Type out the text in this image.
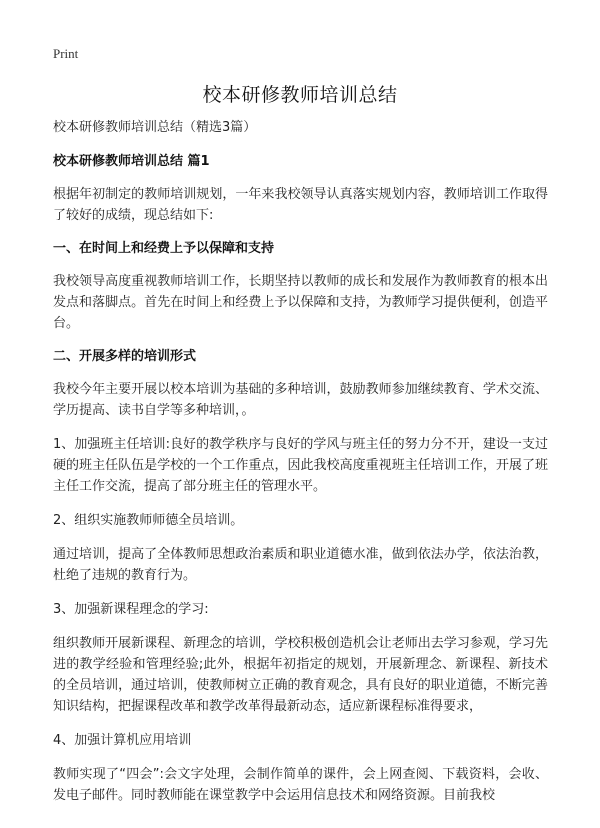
Print
校本研修教师培训总结

校本研修教师培训总结（精选3篇）

校本研修教师培训总结 篇1

根据年初制定的教师培训规划，一年来我校领导认真落实规划内容，教师培训工作取得了较好的成绩，现总结如下:

一、在时间上和经费上予以保障和支持

我校领导高度重视教师培训工作，长期坚持以教师的成长和发展作为教师教育的根本出发点和落脚点。首先在时间上和经费上予以保障和支持，为教师学习提供便利，创造平台。

二、开展多样的培训形式

我校今年主要开展以校本培训为基础的多种培训，鼓励教师参加继续教育、学术交流、学历提高、读书自学等多种培训，。

1、加强班主任培训:良好的教学秩序与良好的学风与班主任的努力分不开，建设一支过硬的班主任队伍是学校的一个工作重点，因此我校高度重视班主任培训工作，开展了班主任工作交流，提高了部分班主任的管理水平。

2、组织实施教师师德全员培训。

通过培训，提高了全体教师思想政治素质和职业道德水准，做到依法办学，依法治教，杜绝了违规的教育行为。

3、加强新课程理念的学习:

组织教师开展新课程、新理念的培训，学校积极创造机会让老师出去学习参观，学习先进的教学经验和管理经验;此外，根据年初指定的规划，开展新理念、新课程、新技术的全员培训，通过培训，使教师树立正确的教育观念，具有良好的职业道德，不断完善知识结构，把握课程改革和教学改革得最新动态，适应新课程标准得要求，

4、加强计算机应用培训

教师实现了“四会”:会文字处理，会制作简单的课件，会上网查阅、下载资料，会收、发电子邮件。同时教师能在课堂教学中会运用信息技术和网络资源。目前我校
